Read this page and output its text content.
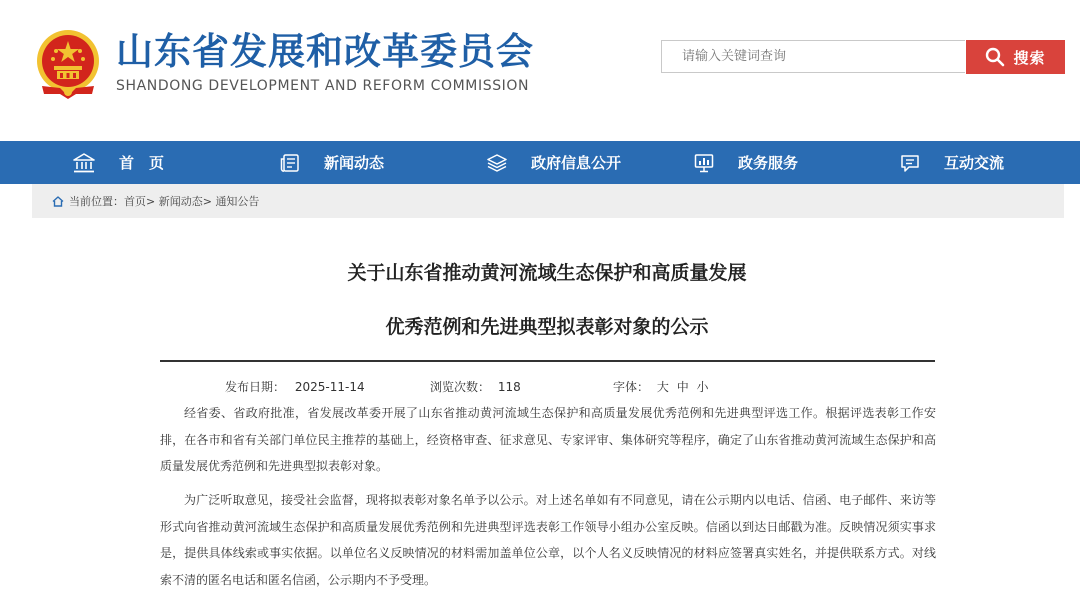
山东省发展和改革委员会
SHANDONG DEVELOPMENT AND REFORM COMMISSION
请输入关键词查询
搜索
首　页	新闻动态	政府信息公开	政务服务	互动交流
当前位置： 首页 >
新闻动态 >
通知公告
关于山东省推动黄河流域生态保护和高质量发展
优秀范例和先进典型拟表彰对象的公示
发布日期： 2025-11-14	浏览次数： 118	字体： 大 中 小
经省委、省政府批准，省发展改革委开展了山东省推动黄河流域生态保护和高质量发展优秀范例和先进典型评选工作。根据评选表彰工作安排，在各市和省有关部门单位民主推荐的基础上，经资格审查、征求意见、专家评审、集体研究等程序，确定了山东省推动黄河流域生态保护和高质量发展优秀范例和先进典型拟表彰对象。
为广泛听取意见，接受社会监督，现将拟表彰对象名单予以公示。对上述名单如有不同意见，请在公示期内以电话、信函、电子邮件、来访等形式向省推动黄河流域生态保护和高质量发展优秀范例和先进典型评选表彰工作领导小组办公室反映。信函以到达日邮戳为准。反映情况须实事求是，提供具体线索或事实依据。以单位名义反映情况的材料需加盖单位公章，以个人名义反映情况的材料应签署真实姓名，并提供联系方式。对线索不清的匿名电话和匿名信函，公示期内不予受理。
